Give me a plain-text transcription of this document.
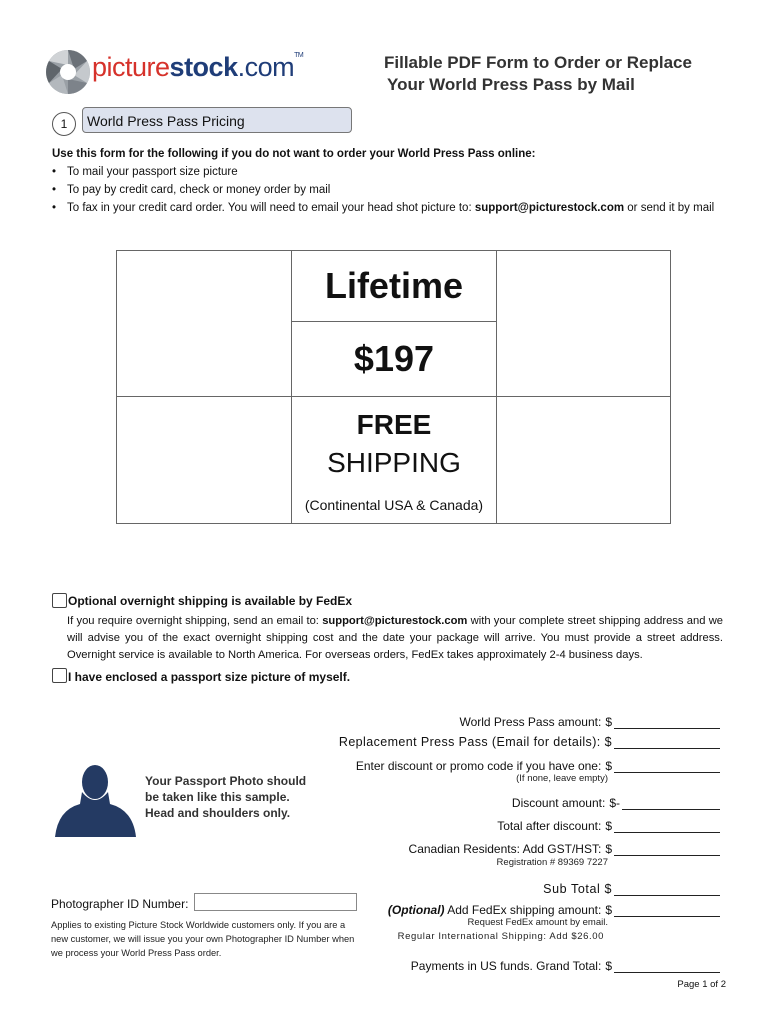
picturestock.com™	Fillable PDF Form to Order or Replace
Your World Press Pass by Mail
1	World Press Pass Pricing
Use this form for the following if you do not want to order your World Press Pass online:
• To mail your passport size picture
• To pay by credit card, check or money order by mail
• To fax in your credit card order. You will need to email your head shot picture to: support@picturestock.com or send it by mail
	Lifetime	
	$197	

	FREE
SHIPPING
(Continental USA & Canada)	

Optional overnight shipping is available by FedEx
If you require overnight shipping, send an email to: support@picturestock.com with your complete street shipping address and we will advise you of the exact overnight shipping cost and the date your package will arrive. You must provide a street address. Overnight service is available to North America. For overseas orders, FedEx takes approximately 2-4 business days.
I have enclosed a passport size picture of myself.
World Press Pass amount: $
Replacement Press Pass (Email for details): $
Enter discount or promo code if you have one: $
(If none, leave empty)
Discount amount: $ -
Total after discount: $
Canadian Residents: Add GST/HST: $
Registration # 89369 7227
Sub Total $
(Optional) Add FedEx shipping amount: $
Request FedEx amount by email.
Regular International Shipping: Add $26.00
Payments in US funds. Grand Total: $
Your Passport Photo should be taken like this sample. Head and shoulders only.
Photographer ID Number:
Applies to existing Picture Stock Worldwide customers only. If you are a new customer, we will issue you your own Photographer ID Number when we process your World Press Pass order.
Page 1 of 2
